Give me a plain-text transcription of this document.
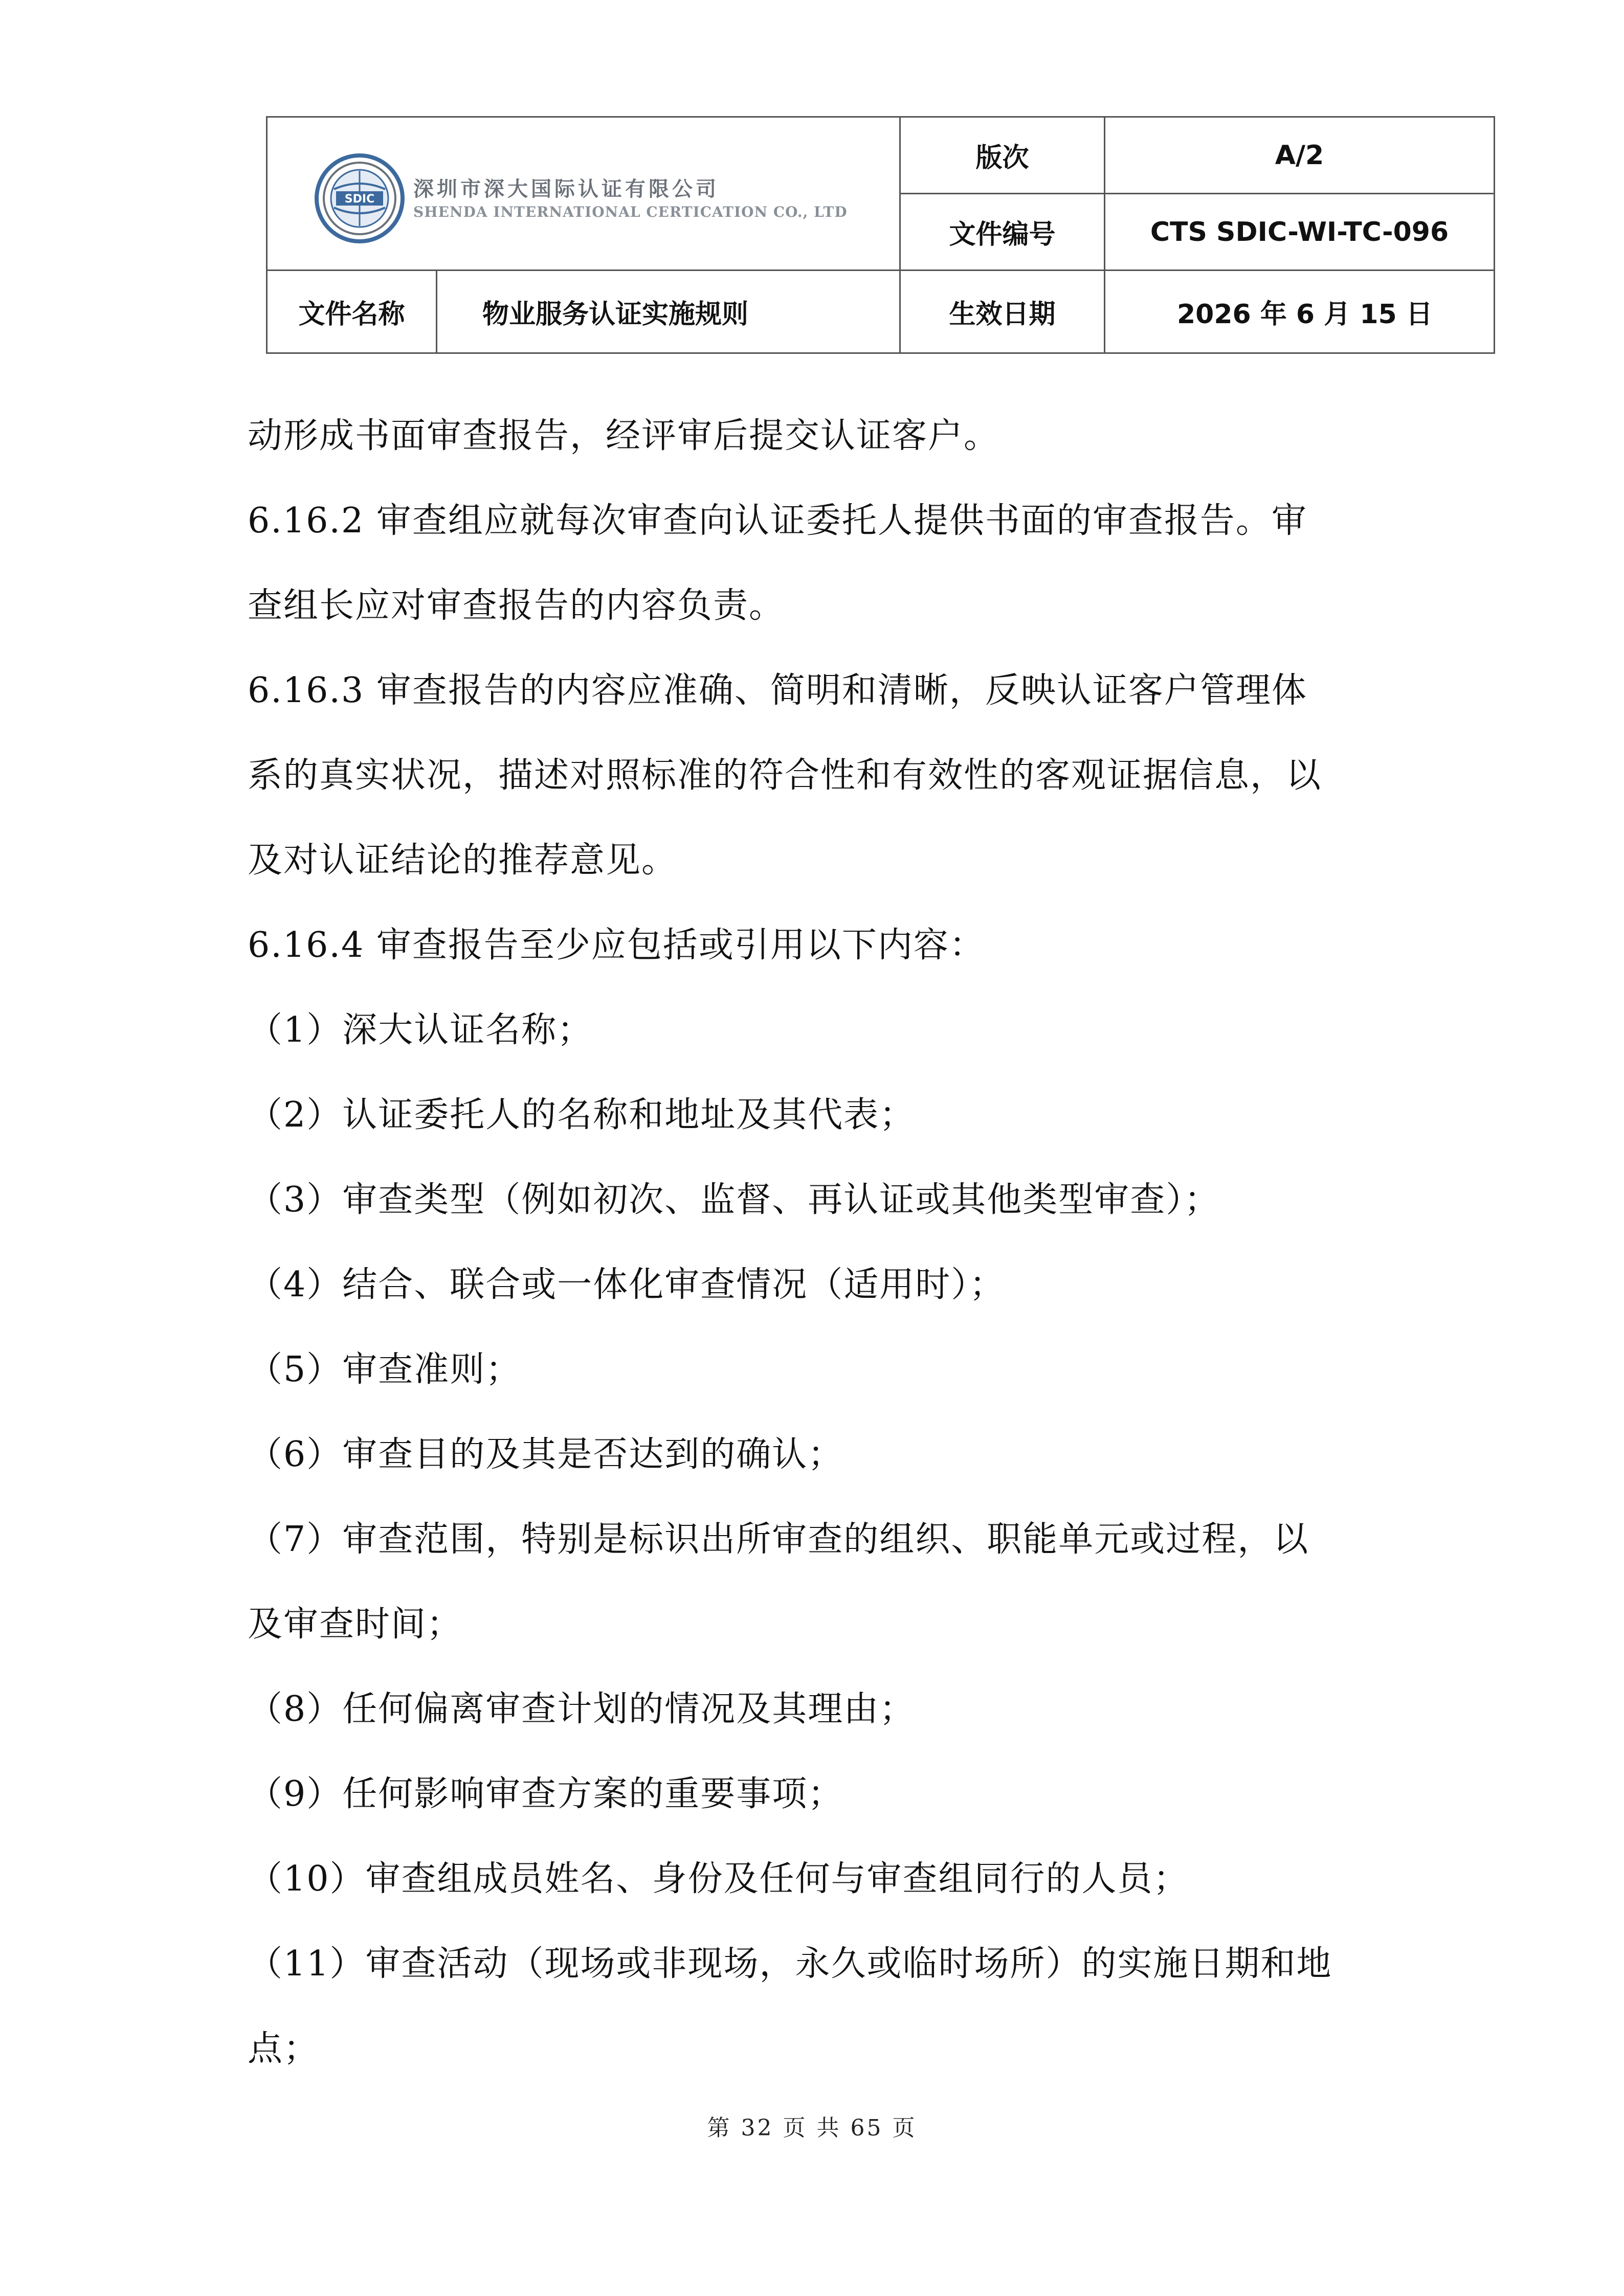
SDIC 深圳市深大国际认证有限公司
SHENDA INTERNATIONAL CERTICATION CO., LTD		版次	A/2
		文件编号	CTS SDIC-WI-TC-096
文件名称	物业服务认证实施规则	生效日期	2026 年 6 月 15 日

动形成书面审查报告，经评审后提交认证客户。

6.16.2 审查组应就每次审查向认证委托人提供书面的审查报告。审

查组长应对审查报告的内容负责。

6.16.3 审查报告的内容应准确、简明和清晰，反映认证客户管理体

系的真实状况，描述对照标准的符合性和有效性的客观证据信息，以

及对认证结论的推荐意见。

6.16.4 审查报告至少应包括或引用以下内容：

（1）深大认证名称；

（2）认证委托人的名称和地址及其代表；

（3）审查类型（例如初次、监督、再认证或其他类型审查）；

（4）结合、联合或一体化审查情况（适用时）；

（5）审查准则；

（6）审查目的及其是否达到的确认；

（7）审查范围，特别是标识出所审查的组织、职能单元或过程，以

及审查时间；

（8）任何偏离审查计划的情况及其理由；

（9）任何影响审查方案的重要事项；

（10）审查组成员姓名、身份及任何与审查组同行的人员；

（11）审查活动（现场或非现场，永久或临时场所）的实施日期和地

点；

第 32 页 共 65 页
